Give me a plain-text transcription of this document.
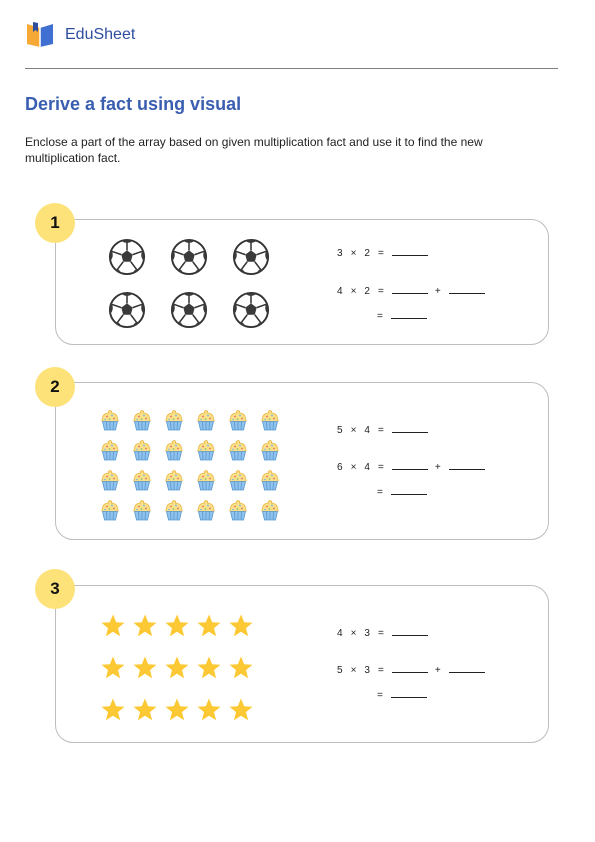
EduSheet
Derive a fact using visual
Enclose a part of the array based on given multiplication fact and use it to find the new multiplication fact.
1
3 × 2 =
4 × 2 =	+
=
2
5 × 4 =
6 × 4 =	+
=
3
4 × 3 =
5 × 3 =	+
=
